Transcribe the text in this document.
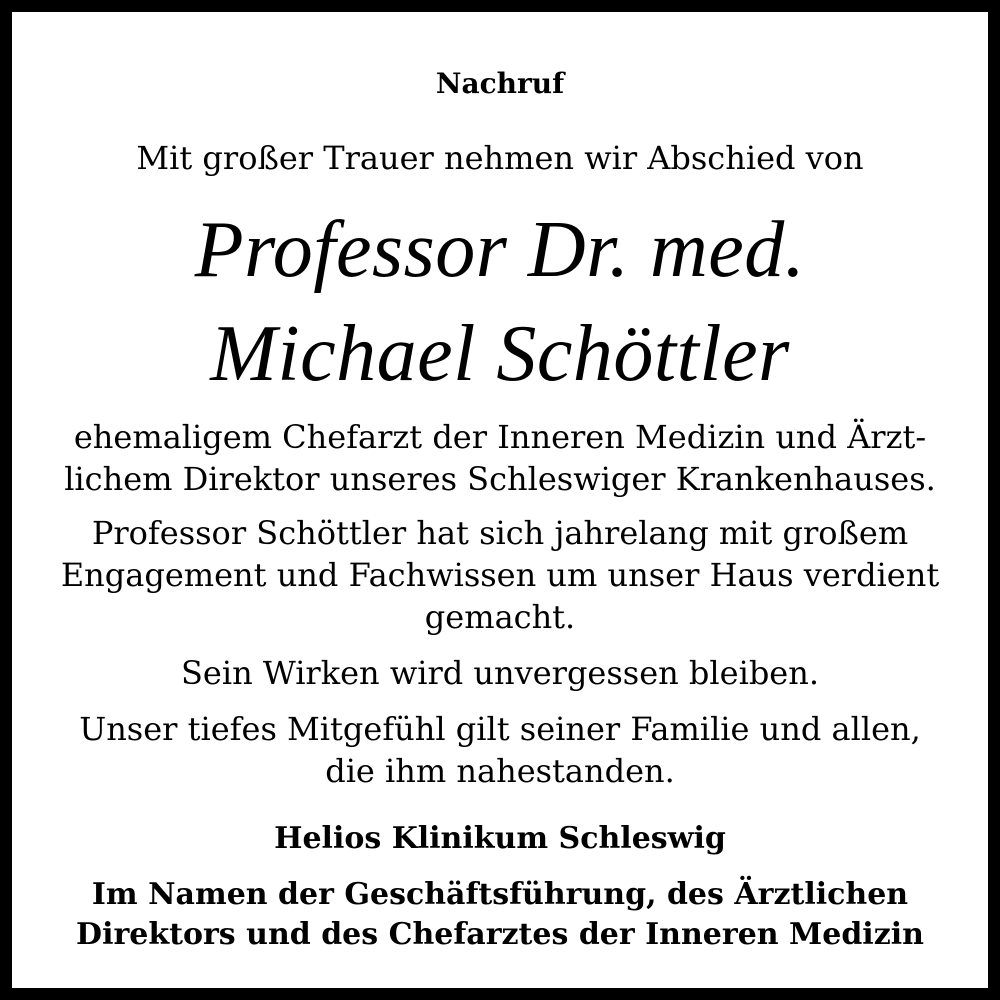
Nachruf

Mit großer Trauer nehmen wir Abschied von

Professor Dr. med.

Michael Schöttler

ehemaligem Chefarzt der Inneren Medizin und Ärzt-

lichem Direktor unseres Schleswiger Krankenhauses.

Professor Schöttler hat sich jahrelang mit großem

Engagement und Fachwissen um unser Haus verdient

gemacht.

Sein Wirken wird unvergessen bleiben.

Unser tiefes Mitgefühl gilt seiner Familie und allen,

die ihm nahestanden.

Helios Klinikum Schleswig

Im Namen der Geschäftsführung, des Ärztlichen

Direktors und des Chefarztes der Inneren Medizin
